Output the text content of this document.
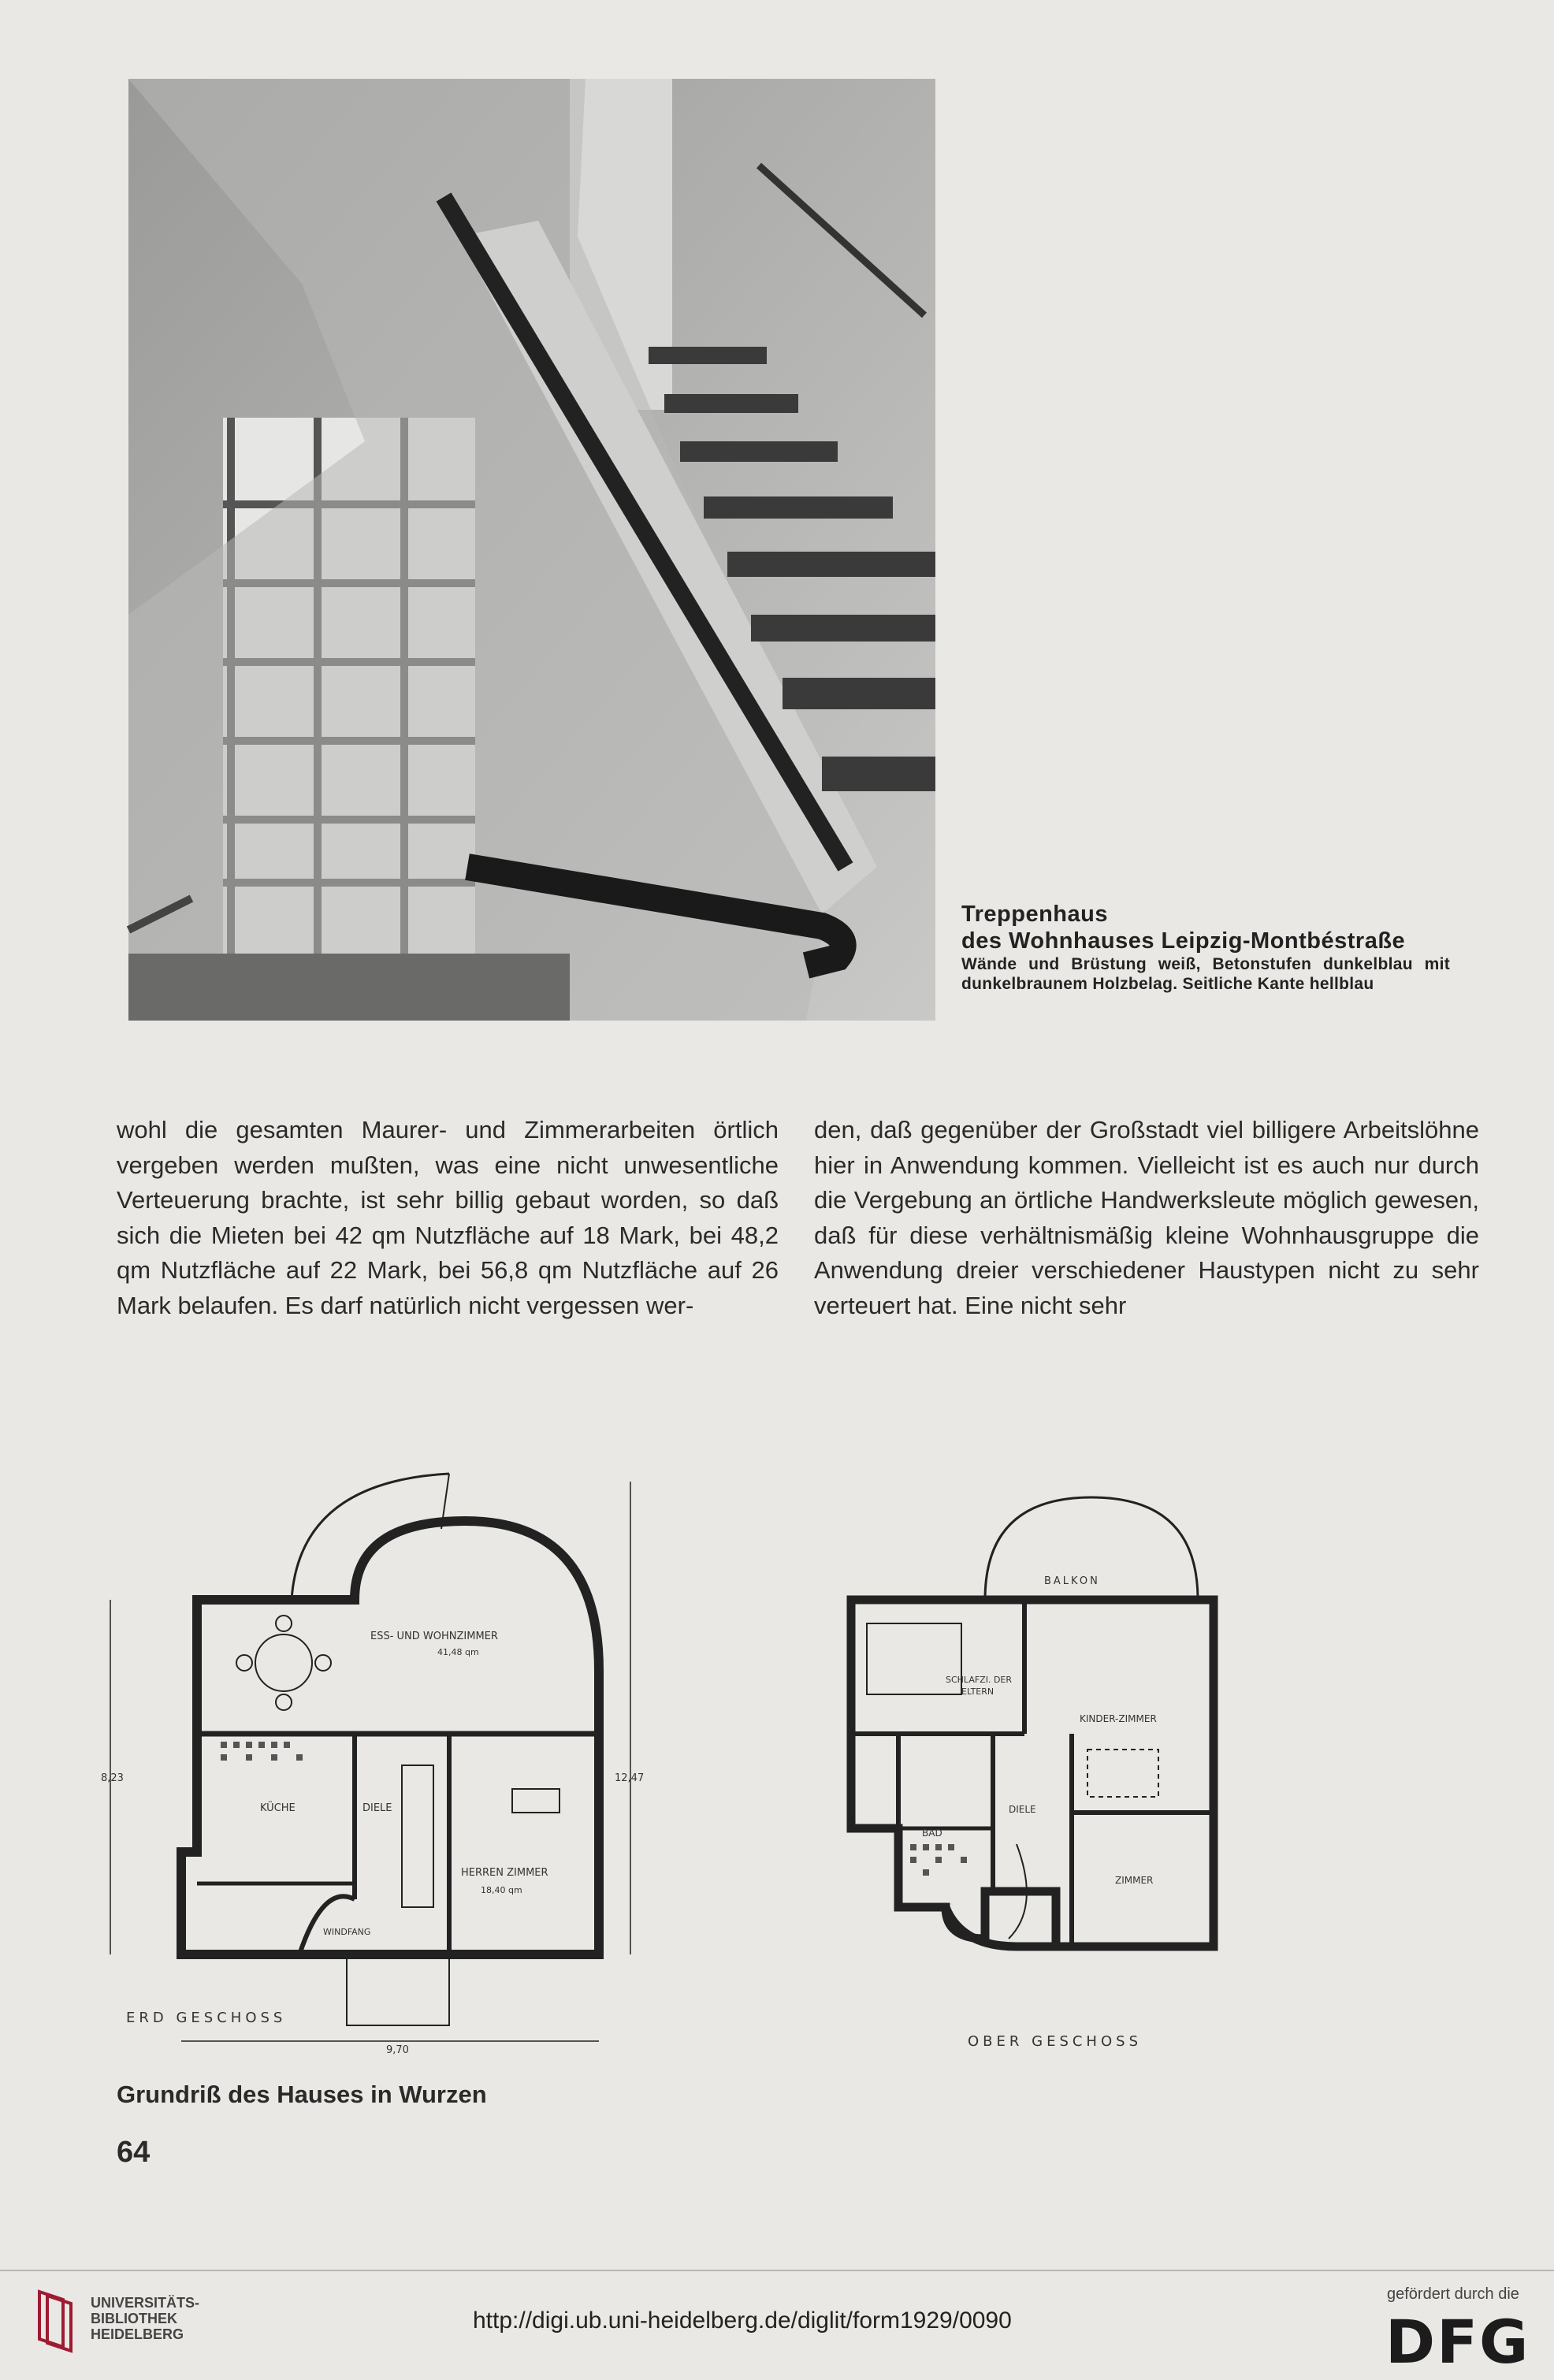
Treppenhaus
des Wohnhauses Leipzig-Montbéstraße
Wände und Brüstung weiß, Betonstufen dunkelblau mit dunkelbraunem Holzbelag. Seitliche Kante hellblau
wohl die gesamten Maurer- und Zimmerarbeiten örtlich vergeben werden mußten, was eine nicht unwesentliche Verteuerung brachte, ist sehr billig gebaut worden, so daß sich die Mieten bei 42 qm Nutzfläche auf 18 Mark, bei 48,2 qm Nutzfläche auf 22 Mark, bei 56,8 qm Nutzfläche auf 26 Mark belaufen. Es darf natürlich nicht vergessen wer-
den, daß gegenüber der Großstadt viel billigere Arbeitslöhne hier in Anwendung kommen. Vielleicht ist es auch nur durch die Vergebung an örtliche Handwerksleute möglich gewesen, daß für diese verhältnismäßig kleine Wohnhausgruppe die Anwendung dreier verschiedener Haustypen nicht zu sehr verteuert hat. Eine nicht sehr
ESS- UND WOHNZIMMER
41,48 qm
KÜCHE	DIELE
HERREN ZIMMER
18,40 qm
WINDFANG
8,23	12,47
9,70
ERD GESCHOSS
BALKON
SCHLAFZI. DER
ELTERN
KINDER-ZIMMER
DIELE
BAD
ZIMMER
OBER GESCHOSS
Grundriß des Hauses in Wurzen
64
UNIVERSITÄTS-
BIBLIOTHEK
HEIDELBERG
http://digi.ub.uni-heidelberg.de/diglit/form1929/0090
gefördert durch die
DFG
